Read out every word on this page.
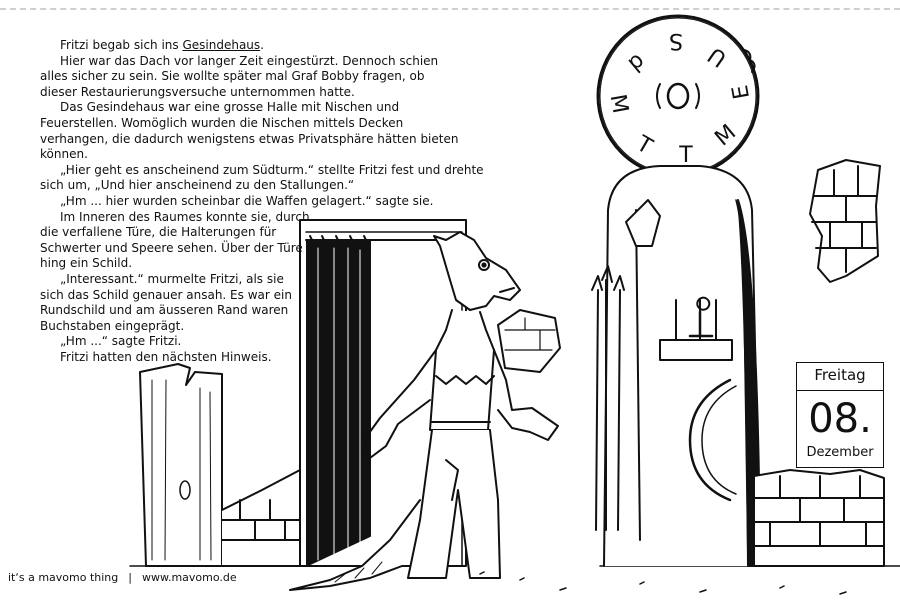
S
U
E
M
T
T
M
d

Fritzi begab sich ins Gesindehaus.

Hier war das Dach vor langer Zeit eingestürzt. Dennoch schien

alles sicher zu sein. Sie wollte später mal Graf Bobby fragen, ob

dieser Restaurierungsversuche unternommen hatte.

Das Gesindehaus war eine grosse Halle mit Nischen und

Feuerstellen. Womöglich wurden die Nischen mittels Decken

verhangen, die dadurch wenigstens etwas Privatsphäre hätten bieten

können.

„Hier geht es anscheinend zum Südturm.“ stellte Fritzi fest und drehte

sich um, „Und hier anscheinend zu den Stallungen.“

„Hm ... hier wurden scheinbar die Waffen gelagert.“ sagte sie.

Im Inneren des Raumes konnte sie, durch

die verfallene Türe, die Halterungen für

Schwerter und Speere sehen. Über der Türe

hing ein Schild.

„Interessant.“ murmelte Fritzi, als sie

sich das Schild genauer ansah. Es war ein

Rundschild und am äusseren Rand waren

Buchstaben eingeprägt.

„Hm ...“ sagte Fritzi.

Fritzi hatten den nächsten Hinweis.

Freitag
08.
Dezember
it‘s a mavomo thing | www.mavomo.de
